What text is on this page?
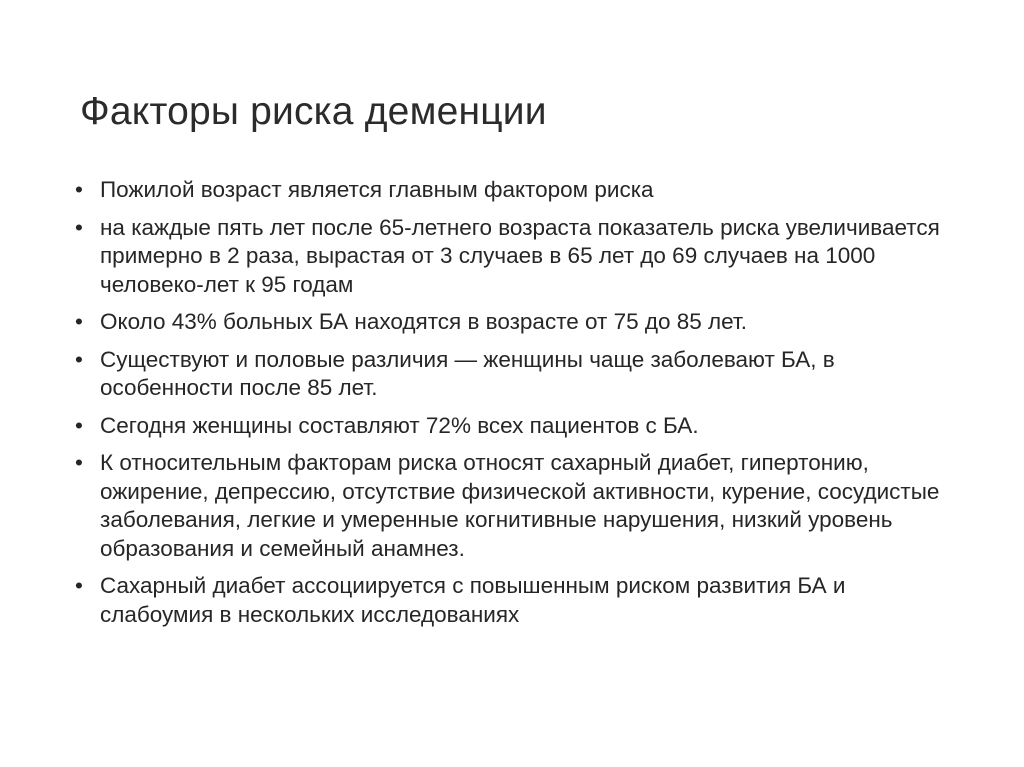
Факторы риска деменции
• Пожилой возраст является главным фактором риска
• на каждые пять лет после 65-летнего возраста показатель риска увеличивается примерно в 2 раза, вырастая от 3 случаев в 65 лет до 69 случаев на 1000 человеко-лет к 95 годам
• Около 43% больных БА находятся в возрасте от 75 до 85 лет.
• Существуют и половые различия — женщины чаще заболевают БА, в особенности после 85 лет.
• Сегодня женщины составляют 72% всех пациентов с БА.
• К относительным факторам риска относят сахарный диабет, гипертонию, ожирение, депрессию, отсутствие физической активности, курение, сосудистые заболевания, легкие и умеренные когнитивные нарушения, низкий уровень образования и семейный анамнез.
• Сахарный диабет ассоциируется с повышенным риском развития БА и слабоумия в нескольких исследованиях
